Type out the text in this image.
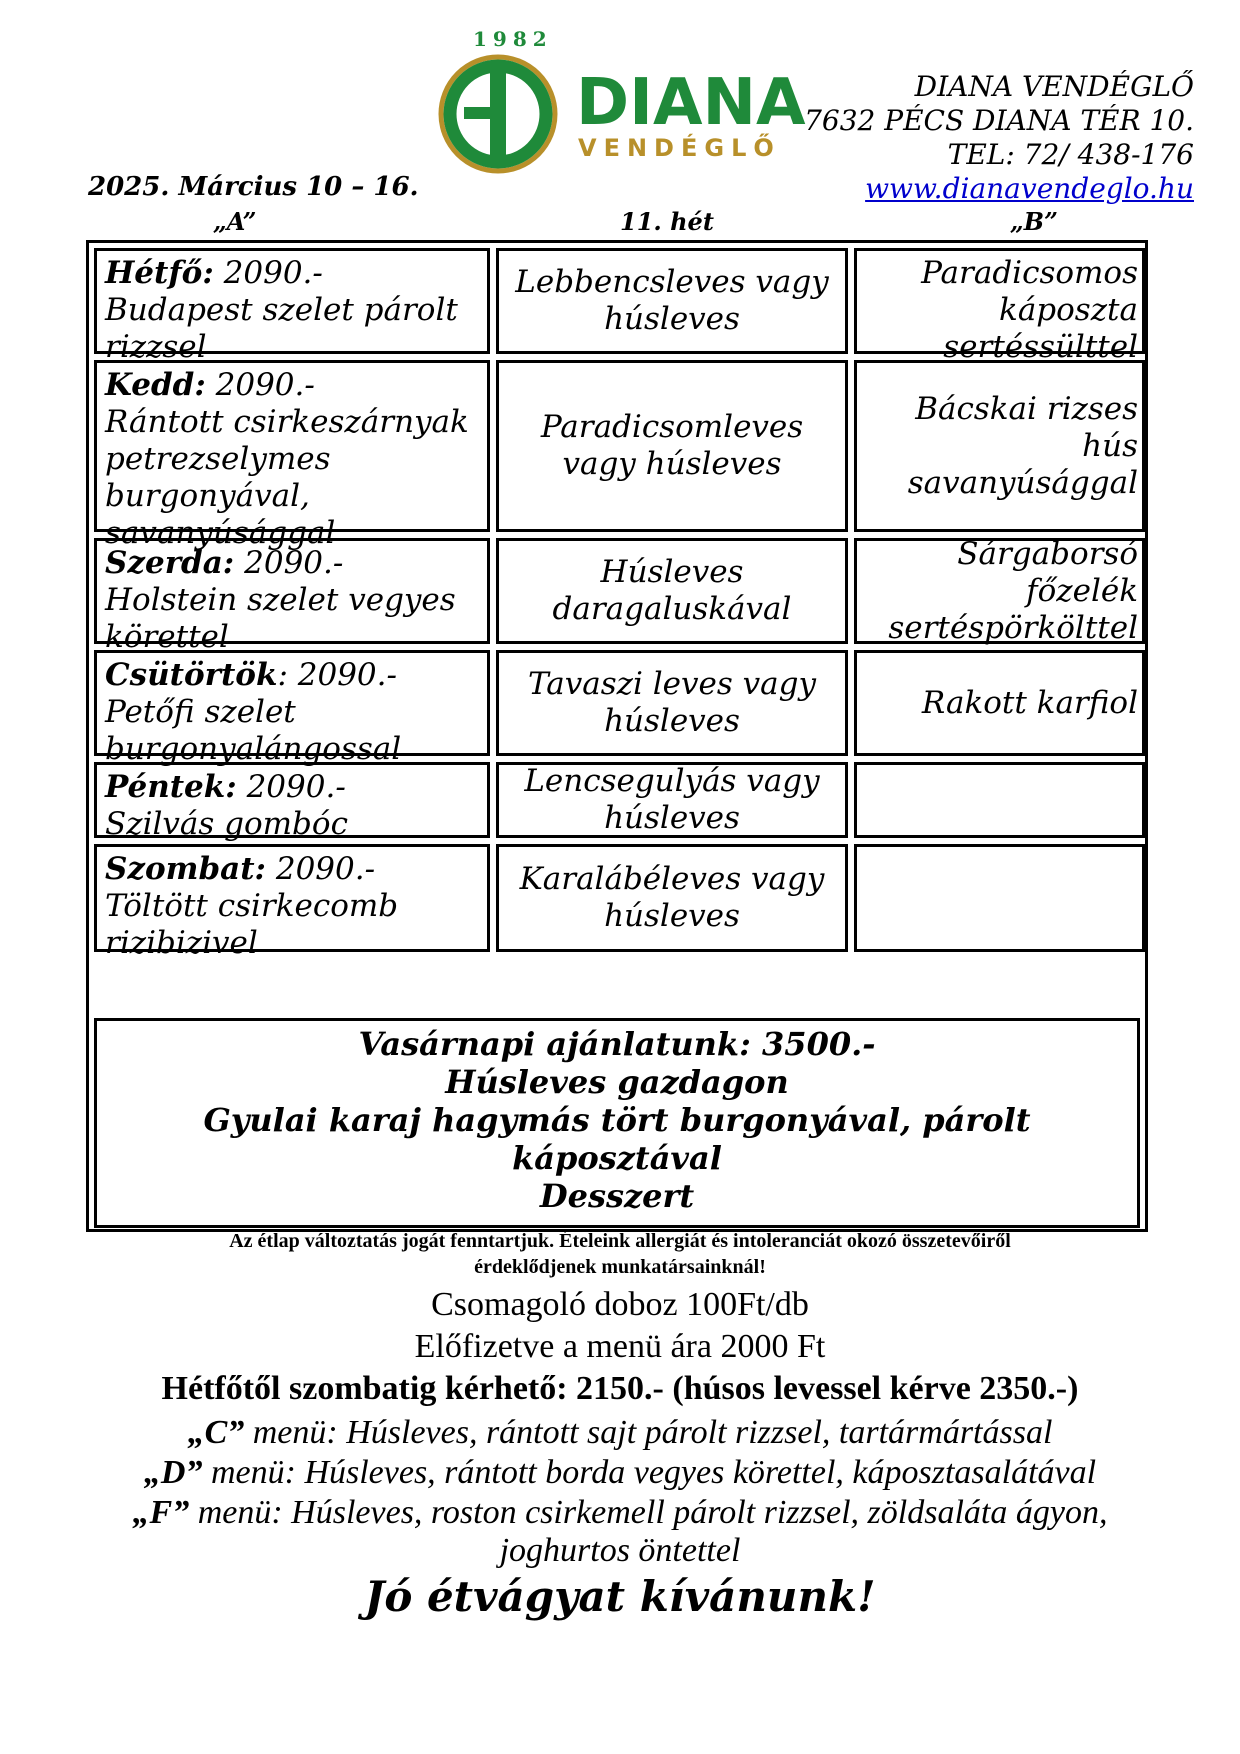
1982
DIANA
VENDÉGLŐ
DIANA VENDÉGLŐ
7632 PÉCS DIANA TÉR 10.
TEL: 72/ 438-176
www.dianavendeglo.hu
2025. Március 10 – 16.
„A”	11. hét	„B”
Hétfő: 2090.-
Budapest szelet párolt rizzsel
Lebbencsleves vagy húsleves
Paradicsomos káposzta sertéssülttel
Kedd: 2090.-
Rántott csirkeszárnyak petrezselymes burgonyával, savanyúsággal
Paradicsomleves vagy húsleves
Bácskai rizses hús savanyúsággal
Szerda: 2090.-
Holstein szelet vegyes körettel
Húsleves daragaluskával
Sárgaborsó főzelék sertéspörkölttel
Csütörtök: 2090.-
Petőfi szelet burgonyalángossal
Tavaszi leves vagy húsleves
Rakott karfiol
Péntek: 2090.-
Szilvás gombóc
Lencsegulyás vagy húsleves
Szombat: 2090.-
Töltött csirkecomb rizibizivel
Karalábéleves vagy húsleves
Vasárnapi ajánlatunk: 3500.-
Húsleves gazdagon
Gyulai karaj hagymás tört burgonyával, párolt
káposztával
Desszert
Az étlap változtatás jogát fenntartjuk. Ételeink allergiát és intoleranciát okozó összetevőiről
érdeklődjenek munkatársainknál!
Csomagoló doboz 100Ft/db
Előfizetve a menü ára 2000 Ft
Hétfőtől szombatig kérhető: 2150.- (húsos levessel kérve 2350.-)
„C” menü: Húsleves, rántott sajt párolt rizzsel, tartármártással
„D” menü: Húsleves, rántott borda vegyes körettel, káposztasalátával
„F” menü: Húsleves, roston csirkemell párolt rizzsel, zöldsaláta ágyon,
joghurtos öntettel
Jó étvágyat kívánunk!
